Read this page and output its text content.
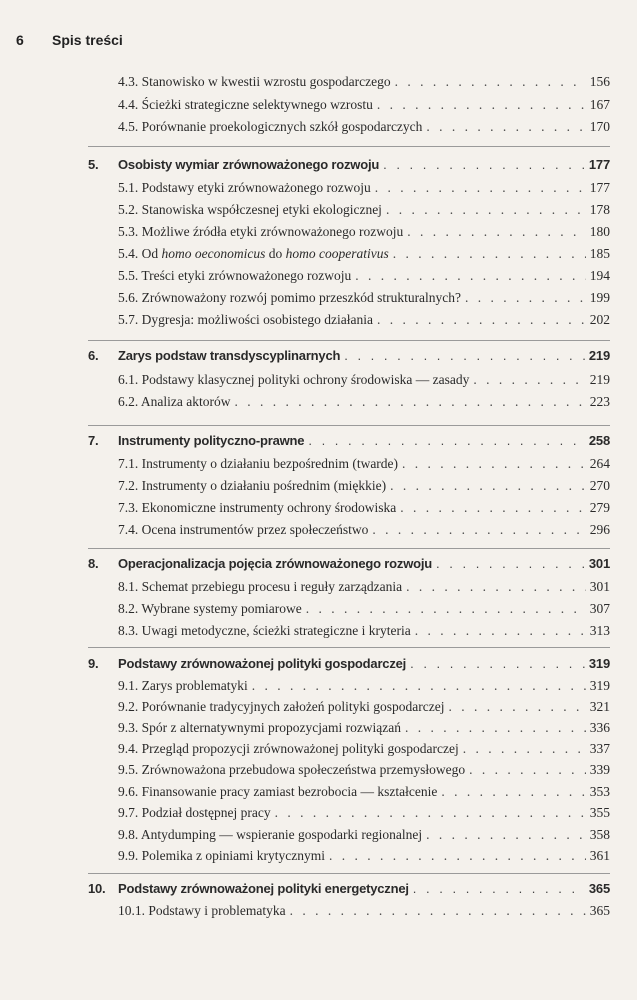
6 Spis treści
4.3. Stanowisko w kwestii wzrostu gospodarczego . . .	156
4.4. Ścieżki strategiczne selektywnego wzrostu . . .	167
4.5. Porównanie proekologicznych szkół gospodarczych . . .	170
5. Osobisty wymiar zrównoważonego rozwoju . . .	177
5.1. Podstawy etyki zrównoważonego rozwoju . . .	177
5.2. Stanowiska współczesnej etyki ekologicznej . . .	178
5.3. Możliwe źródła etyki zrównoważonego rozwoju . . .	180
5.4. Od homo oeconomicus do homo cooperativus . . .	185
5.5. Treści etyki zrównoważonego rozwoju . . .	194
5.6. Zrównoważony rozwój pomimo przeszkód strukturalnych? . . .	199
5.7. Dygresja: możliwości osobistego działania . . .	202
6. Zarys podstaw transdyscyplinarnych . . .	219
6.1. Podstawy klasycznej polityki ochrony środowiska — zasady . . .	219
6.2. Analiza aktorów . . .	223
7. Instrumenty polityczno-prawne . . .	258
7.1. Instrumenty o działaniu bezpośrednim (twarde) . . .	264
7.2. Instrumenty o działaniu pośrednim (miękkie) . . .	270
7.3. Ekonomiczne instrumenty ochrony środowiska . . .	279
7.4. Ocena instrumentów przez społeczeństwo . . .	296
8. Operacjonalizacja pojęcia zrównoważonego rozwoju . . .	301
8.1. Schemat przebiegu procesu i reguły zarządzania . . .	301
8.2. Wybrane systemy pomiarowe . . .	307
8.3. Uwagi metodyczne, ścieżki strategiczne i kryteria . . .	313
9. Podstawy zrównoważonej polityki gospodarczej . . .	319
9.1. Zarys problematyki . . .	319
9.2. Porównanie tradycyjnych założeń polityki gospodarczej . . .	321
9.3. Spór z alternatywnymi propozycjami rozwiązań . . .	336
9.4. Przegląd propozycji zrównoważonej polityki gospodarczej . . .	337
9.5. Zrównoważona przebudowa społeczeństwa przemysłowego . . .	339
9.6. Finansowanie pracy zamiast bezrobocia — kształcenie . . .	353
9.7. Podział dostępnej pracy . . .	355
9.8. Antydumping — wspieranie gospodarki regionalnej . . .	358
9.9. Polemika z opiniami krytycznymi . . .	361
10. Podstawy zrównoważonej polityki energetycznej . . .	365
10.1. Podstawy i problematyka . . .	365
